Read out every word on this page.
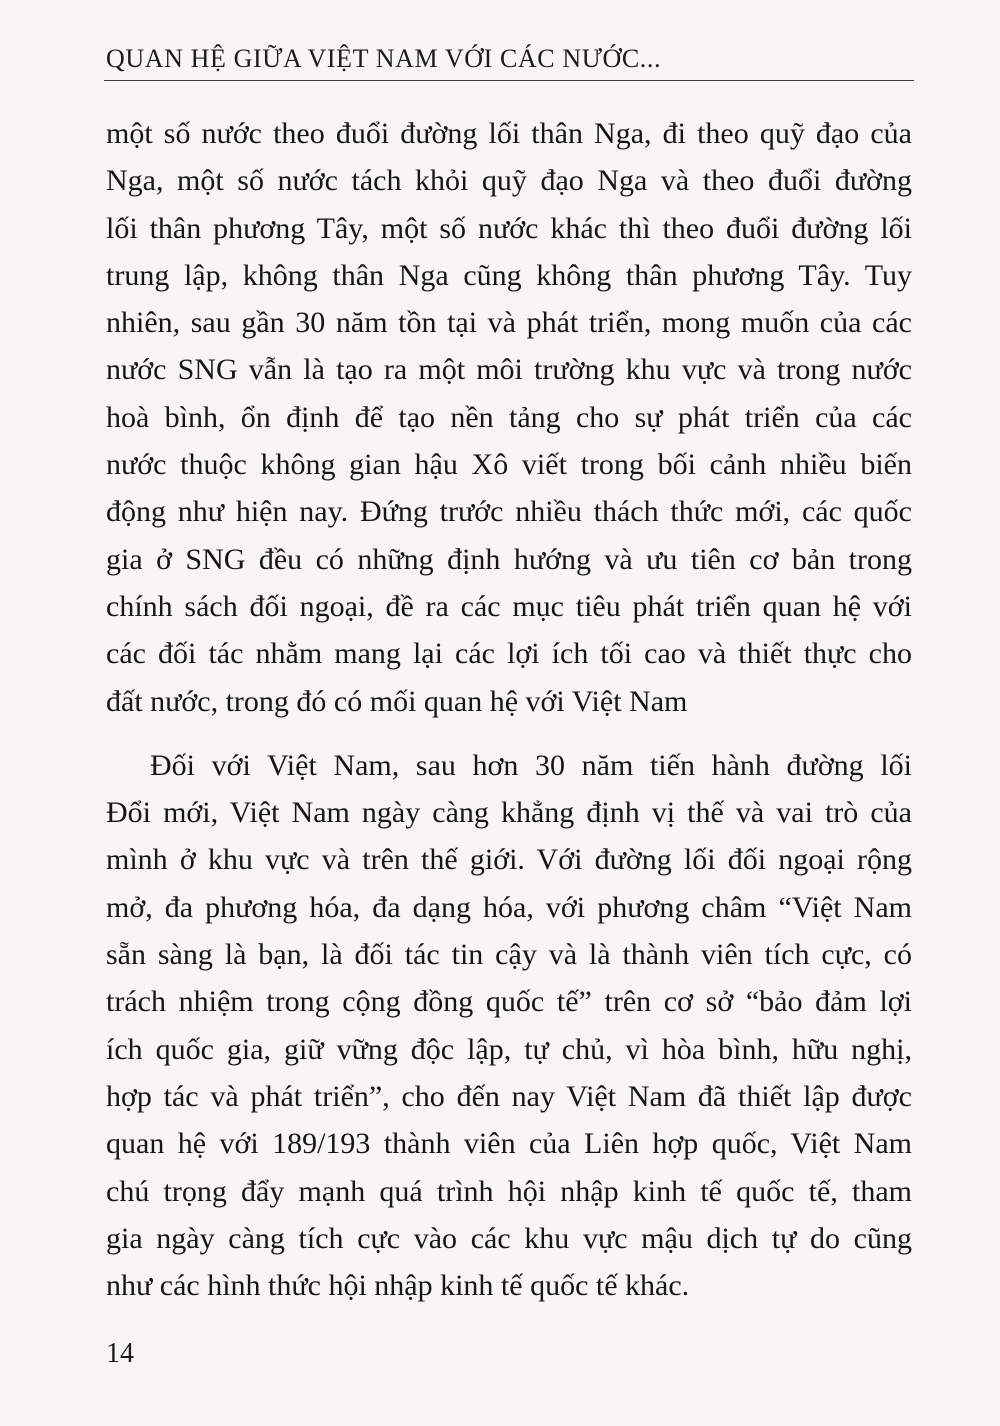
QUAN HỆ GIỮA VIỆT NAM VỚI CÁC NƯỚC...
một số nước theo đuổi đường lối thân Nga, đi theo quỹ đạo của
Nga, một số nước tách khỏi quỹ đạo Nga và theo đuổi đường
lối thân phương Tây, một số nước khác thì theo đuổi đường lối
trung lập, không thân Nga cũng không thân phương Tây. Tuy
nhiên, sau gần 30 năm tồn tại và phát triển, mong muốn của các
nước SNG vẫn là tạo ra một môi trường khu vực và trong nước
hoà bình, ổn định để tạo nền tảng cho sự phát triển của các
nước thuộc không gian hậu Xô viết trong bối cảnh nhiều biến
động như hiện nay. Đứng trước nhiều thách thức mới, các quốc
gia ở SNG đều có những định hướng và ưu tiên cơ bản trong
chính sách đối ngoại, đề ra các mục tiêu phát triển quan hệ với
các đối tác nhằm mang lại các lợi ích tối cao và thiết thực cho
đất nước, trong đó có mối quan hệ với Việt Nam
Đối với Việt Nam, sau hơn 30 năm tiến hành đường lối
Đổi mới, Việt Nam ngày càng khẳng định vị thế và vai trò của
mình ở khu vực và trên thế giới. Với đường lối đối ngoại rộng
mở, đa phương hóa, đa dạng hóa, với phương châm “Việt Nam
sẵn sàng là bạn, là đối tác tin cậy và là thành viên tích cực, có
trách nhiệm trong cộng đồng quốc tế” trên cơ sở “bảo đảm lợi
ích quốc gia, giữ vững độc lập, tự chủ, vì hòa bình, hữu nghị,
hợp tác và phát triển”, cho đến nay Việt Nam đã thiết lập được
quan hệ với 189/193 thành viên của Liên hợp quốc, Việt Nam
chú trọng đẩy mạnh quá trình hội nhập kinh tế quốc tế, tham
gia ngày càng tích cực vào các khu vực mậu dịch tự do cũng
như các hình thức hội nhập kinh tế quốc tế khác.
14
